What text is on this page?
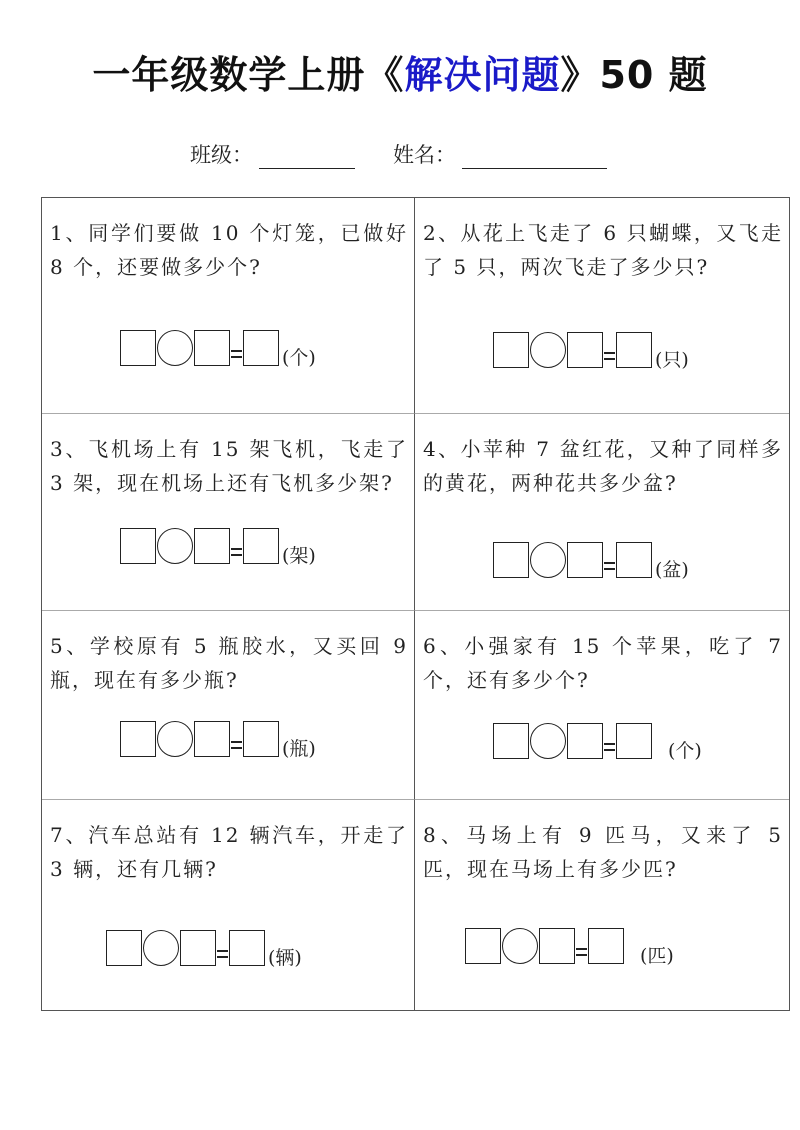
一年级数学上册《解决问题》50 题
班级：	姓名：
1、同学们要做 10 个灯笼，已做好 8 个，还要做多少个?
(个)
2、从花上飞走了 6 只蝴蝶，又飞走了 5 只，两次飞走了多少只?
(只)
3、飞机场上有 15 架飞机，飞走了 3 架，现在机场上还有飞机多少架?
(架)
4、小苹种 7 盆红花，又种了同样多的黄花，两种花共多少盆?
(盆)
5、学校原有 5 瓶胶水，又买回 9 瓶，现在有多少瓶?
(瓶)
6、小强家有 15 个苹果，吃了 7 个，还有多少个?
(个)
7、汽车总站有 12 辆汽车，开走了 3 辆，还有几辆?
(辆)
8、马场上有 9 匹马，又来了 5 匹，现在马场上有多少匹?
(匹)
